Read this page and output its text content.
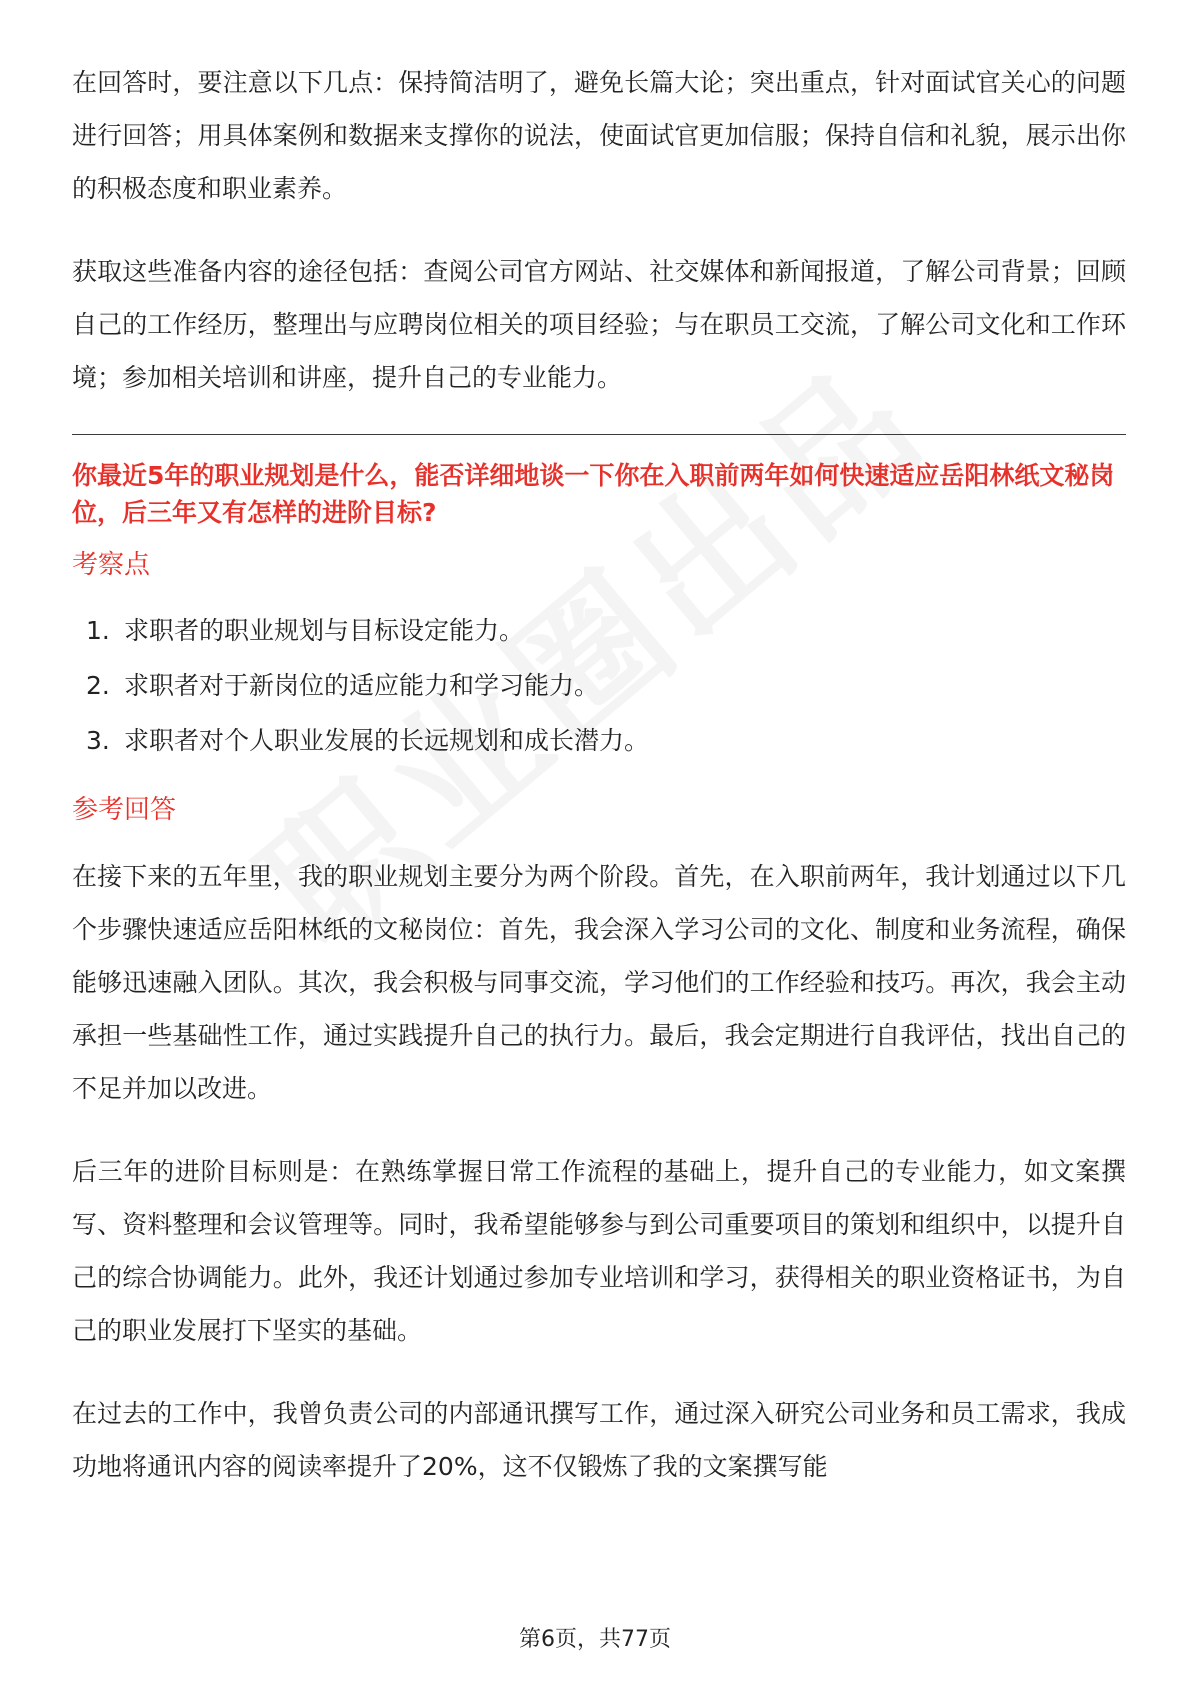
在回答时，要注意以下几点：保持简洁明了，避免长篇大论；突出重点，针对面试官关心的问题进行回答；用具体案例和数据来支撑你的说法，使面试官更加信服；保持自信和礼貌，展示出你的积极态度和职业素养。

获取这些准备内容的途径包括：查阅公司官方网站、社交媒体和新闻报道，了解公司背景；回顾自己的工作经历，整理出与应聘岗位相关的项目经验；与在职员工交流，了解公司文化和工作环境；参加相关培训和讲座，提升自己的专业能力。

你最近5年的职业规划是什么，能否详细地谈一下你在入职前两年如何快速适应岳阳林纸文秘岗位，后三年又有怎样的进阶目标?
考察点
1. 求职者的职业规划与目标设定能力。
2. 求职者对于新岗位的适应能力和学习能力。
3. 求职者对个人职业发展的长远规划和成长潜力。
参考回答

在接下来的五年里，我的职业规划主要分为两个阶段。首先，在入职前两年，我计划通过以下几个步骤快速适应岳阳林纸的文秘岗位：首先，我会深入学习公司的文化、制度和业务流程，确保能够迅速融入团队。其次，我会积极与同事交流，学习他们的工作经验和技巧。再次，我会主动承担一些基础性工作，通过实践提升自己的执行力。最后，我会定期进行自我评估，找出自己的不足并加以改进。

后三年的进阶目标则是：在熟练掌握日常工作流程的基础上，提升自己的专业能力，如文案撰写、资料整理和会议管理等。同时，我希望能够参与到公司重要项目的策划和组织中，以提升自己的综合协调能力。此外，我还计划通过参加专业培训和学习，获得相关的职业资格证书，为自己的职业发展打下坚实的基础。

在过去的工作中，我曾负责公司的内部通讯撰写工作，通过深入研究公司业务和员工需求，我成功地将通讯内容的阅读率提升了20%，这不仅锻炼了我的文案撰写能

第6页，共77页
